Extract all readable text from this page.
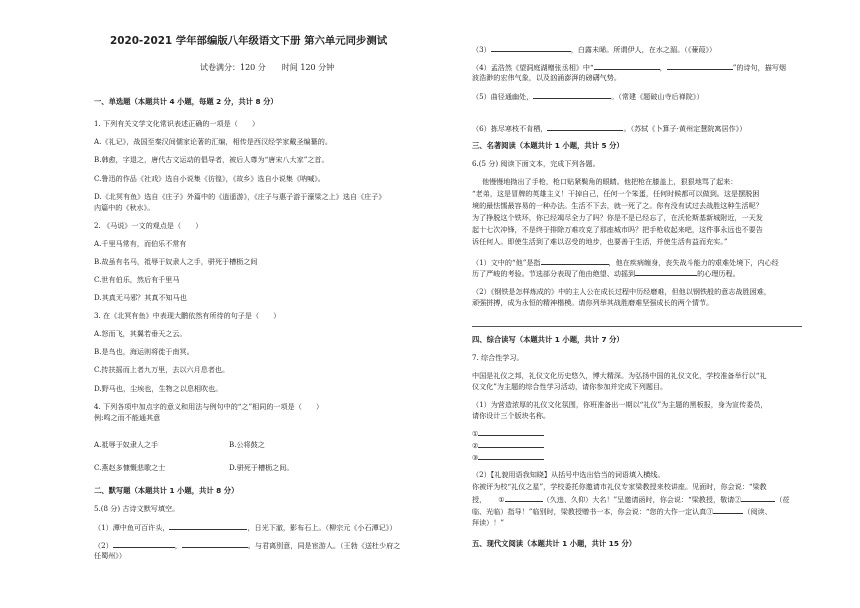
2020-2021 学年部编版八年级语文下册 第六单元同步测试
试卷满分：120 分　　时间 120 分钟
一、单选题（本题共计 4 小题，每题 2 分，共计 8 分）
1. 下列有关文学文化常识表述正确的一项是（　　）
A.《礼记》，战国至秦汉间儒家论著的汇编，相传是西汉经学家戴圣编纂的。
B.韩愈，字退之，唐代古文运动的倡导者，被后人尊为“唐宋八大家”之首。
C.鲁迅的作品《社戏》选自小说集《彷徨》，《故乡》选自小说集《呐喊》。
D.《北冥有鱼》选自《庄子》外篇中的《逍遥游》，《庄子与惠子游于濠梁之上》选自《庄子》
内篇中的《秋水》。
2. 《马说》一文的观点是（　　）
A.千里马常有，而伯乐不常有
B.故虽有名马，祗辱于奴隶人之手，骈死于槽枥之间
C.世有伯乐，然后有千里马
D.其真无马邪？其真不知马也
3. 在《北冥有鱼》中表现大鹏依然有所待的句子是（　　）
A.怒而飞，其翼若垂天之云。
B.是鸟也，海运则将徙于南冥。
C.抟扶摇而上者九万里，去以六月息者也。
D.野马也，尘埃也，生物之以息相吹也。
4. 下列各项中加点字的意义和用法与例句中的“之”相同的一项是（　　）
例:鸣之而不能通其意
A.祗辱于奴隶人之手	B.公将鼓之
C.燕赵多慷慨悲歌之士	D.骈死于槽枥之间。
二、默写题（本题共计 1 小题，共计 8 分）
5.(8 分) 古诗文默写填空。
（1）潭中鱼可百许头，	，日光下澈，影布石上。（柳宗元《小石潭记》）
（2）	，	。与君离别意，同是宦游人。（王勃《送杜少府之
任蜀州》）
（3）	，白露未晞。所谓伊人，在水之湄。（《蒹葭》）
（4）孟浩然《望洞庭湖赠张丞相》中“	，	”的诗句，描写烟
波浩渺的宏伟气象，以及汹涌澎湃的磅礴气势。
（5）曲径通幽处，	。（常建《题破山寺后禅院》）
（6）拣尽寒枝不肯栖，	。（苏轼《卜算子·黄州定慧院寓居作》）
三、名著阅读（本题共计 1 小题，共计 5 分）
6.(5 分) 阅读下面文本，完成下列各题。
他慢慢地拗出了手枪，枪口贴紧鬓角的眼睛。他把枪在膝盖上，狠狠地骂了起来：
“老弟，这是冒牌的英雄主义！干掉自己，任何一个笨蛋，任何时候都可以做到。这是摆脱困
境的最怯懦最容易的一种办法。生活不下去，就一死了之。你有没有试过去战胜这种生活呢？
为了挣脱这个铁环，你已经竭尽全力了吗？你是不是已经忘了，在沃伦斯基新城附近，一天发
起十七次冲锋，不是终于排除万难攻克了那座城市吗？把手枪收起来吧，这件事永远也不要告
诉任何人。即使生活到了难以忍受的地步，也要善于生活，并使生活有益而充实。”
（1）文中的“他”是指	，他在疾病缠身，丧失战斗能力的艰难处境下，内心经
历了严峻的考验。节选部分表现了他由绝望、动摇到	的心理历程。
（2）《钢铁是怎样炼成的》中的主人公在成长过程中历经磨难，但他以钢铁般的意志战胜困难，
顽强拼搏，成为永恒的精神楷模。请你列举其战胜磨难坚强成长的两个情节。
四、综合读写（本题共计 1 小题，共计 7 分）
7. 综合性学习。
中国是礼仪之邦，礼仪文化历史悠久，博大精深。为弘扬中国的礼仪文化，学校准备举行以“礼
仪文化”为主题的综合性学习活动，请你参加并完成下列题目。
（1）为营造浓厚的礼仪文化氛围，你班准备出一期以“礼仪”为主题的黑板报，身为宣传委员，
请你设计三个版块名称。
①
②
③
（2）【礼貌用语我知晓】从括号中选出恰当的词语填入横线。
你被评为校“礼仪之星”，学校委托你邀请市礼仪专家梁教授来校讲座。见面时，你会说：“梁教
授， ①	（久违、久仰）大名！”呈邀请函时，你会说：“梁教授，敬请②	（莅
临、光临）指导！”临别时，梁教授赠书一本，你会说：“您的大作一定认真③	（阅读、
拜读）！”
五、现代文阅读（本题共计 1 小题，共计 15 分）
